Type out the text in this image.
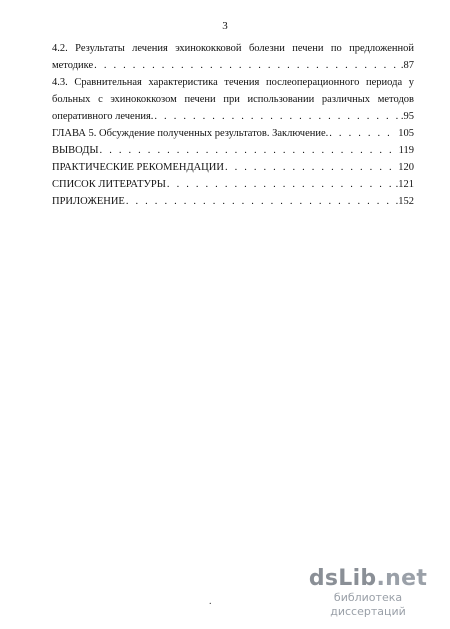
3
4.2. Результаты лечения эхинококковой болезни печени по предложенной
методике . . .	.87
4.3. Сравнительная характеристика течения послеоперационного периода у
больных с эхинококкозом печени при использовании различных методов
оперативного лечения. . . .	.95
ГЛАВА 5. Обсуждение полученных результатов. Заключение. . . .	105
ВЫВОДЫ . . .	119
ПРАКТИЧЕСКИЕ РЕКОМЕНДАЦИИ . . .	120
СПИСОК ЛИТЕРАТУРЫ . . .	.121
ПРИЛОЖЕНИЕ . . .	.152
.
dsLib.net
библиотека диссертаций
